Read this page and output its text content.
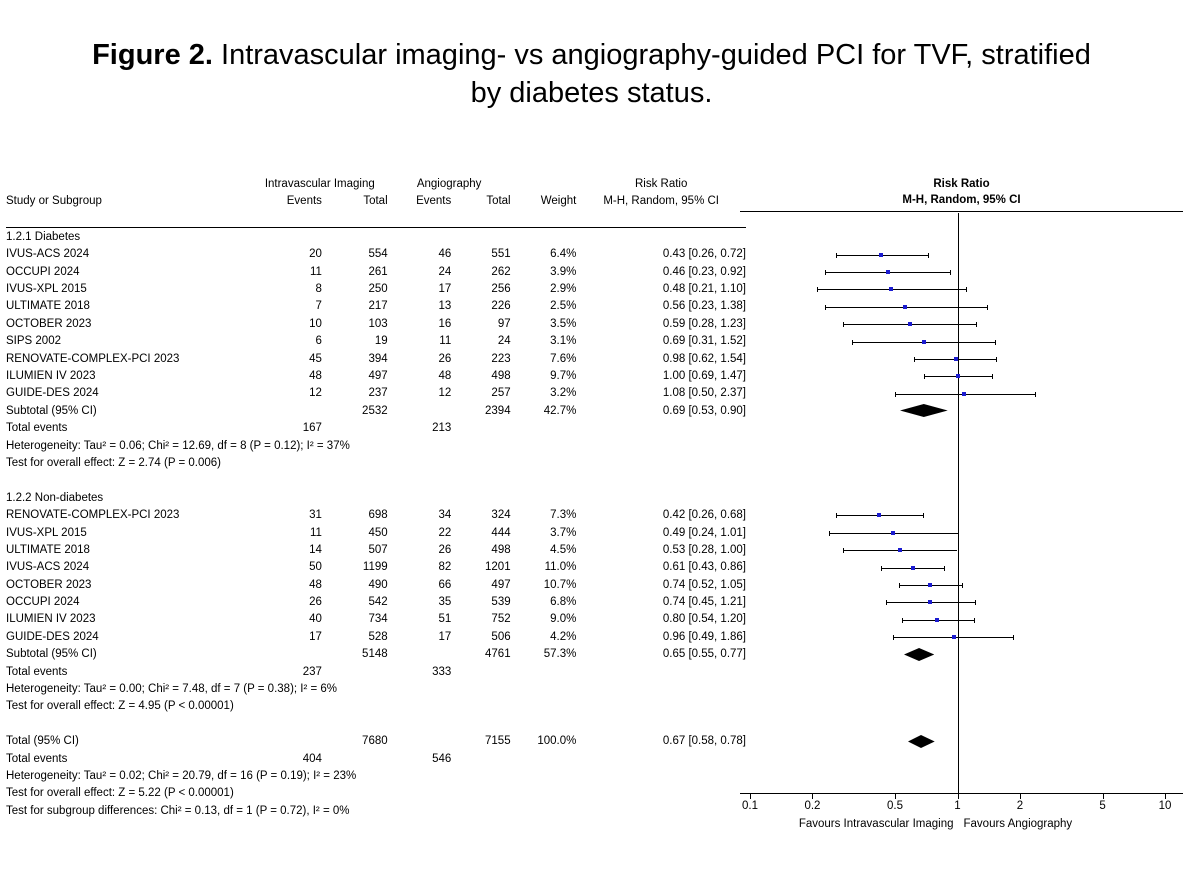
Figure 2. Intravascular imaging- vs angiography-guided PCI for TVF, stratified by diabetes status.
	Intravascular Imaging		Angiography			Risk Ratio
Study or Subgroup	Events	Total	Events	Total	Weight	M-H, Random, 95% CI

1.2.1 Diabetes						
IVUS-ACS 2024	20	554	46	551	6.4%	0.43 [0.26, 0.72]
OCCUPI 2024	11	261	24	262	3.9%	0.46 [0.23, 0.92]
IVUS-XPL 2015	8	250	17	256	2.9%	0.48 [0.21, 1.10]
ULTIMATE 2018	7	217	13	226	2.5%	0.56 [0.23, 1.38]
OCTOBER 2023	10	103	16	97	3.5%	0.59 [0.28, 1.23]
SIPS 2002	6	19	11	24	3.1%	0.69 [0.31, 1.52]
RENOVATE-COMPLEX-PCI 2023	45	394	26	223	7.6%	0.98 [0.62, 1.54]
ILUMIEN IV 2023	48	497	48	498	9.7%	1.00 [0.69, 1.47]
GUIDE-DES 2024	12	237	12	257	3.2%	1.08 [0.50, 2.37]
Subtotal (95% CI)		2532		2394	42.7%	0.69 [0.53, 0.90]
Total events	167		213			
Heterogeneity: Tau² = 0.06; Chi² = 12.69, df = 8 (P = 0.12); I² = 37%						
Test for overall effect: Z = 2.74 (P = 0.006)						

1.2.2 Non-diabetes						
RENOVATE-COMPLEX-PCI 2023	31	698	34	324	7.3%	0.42 [0.26, 0.68]
IVUS-XPL 2015	11	450	22	444	3.7%	0.49 [0.24, 1.01]
ULTIMATE 2018	14	507	26	498	4.5%	0.53 [0.28, 1.00]
IVUS-ACS 2024	50	1199	82	1201	11.0%	0.61 [0.43, 0.86]
OCTOBER 2023	48	490	66	497	10.7%	0.74 [0.52, 1.05]
OCCUPI 2024	26	542	35	539	6.8%	0.74 [0.45, 1.21]
ILUMIEN IV 2023	40	734	51	752	9.0%	0.80 [0.54, 1.20]
GUIDE-DES 2024	17	528	17	506	4.2%	0.96 [0.49, 1.86]
Subtotal (95% CI)		5148		4761	57.3%	0.65 [0.55, 0.77]
Total events	237		333			
Heterogeneity: Tau² = 0.00; Chi² = 7.48, df = 7 (P = 0.38); I² = 6%						
Test for overall effect: Z = 4.95 (P < 0.00001)						

Total (95% CI)		7680		7155	100.0%	0.67 [0.58, 0.78]
Total events	404		546			
Heterogeneity: Tau² = 0.02; Chi² = 20.79, df = 16 (P = 0.19); I² = 23%						
Test for overall effect: Z = 5.22 (P < 0.00001)						
Test for subgroup differences: Chi² = 0.13, df = 1 (P = 0.72), I² = 0%						
Risk Ratio
M-H, Random, 95% CI
0.1	0.2	0.5	1	2	5	10
Favours Intravascular Imaging Favours Angiography
